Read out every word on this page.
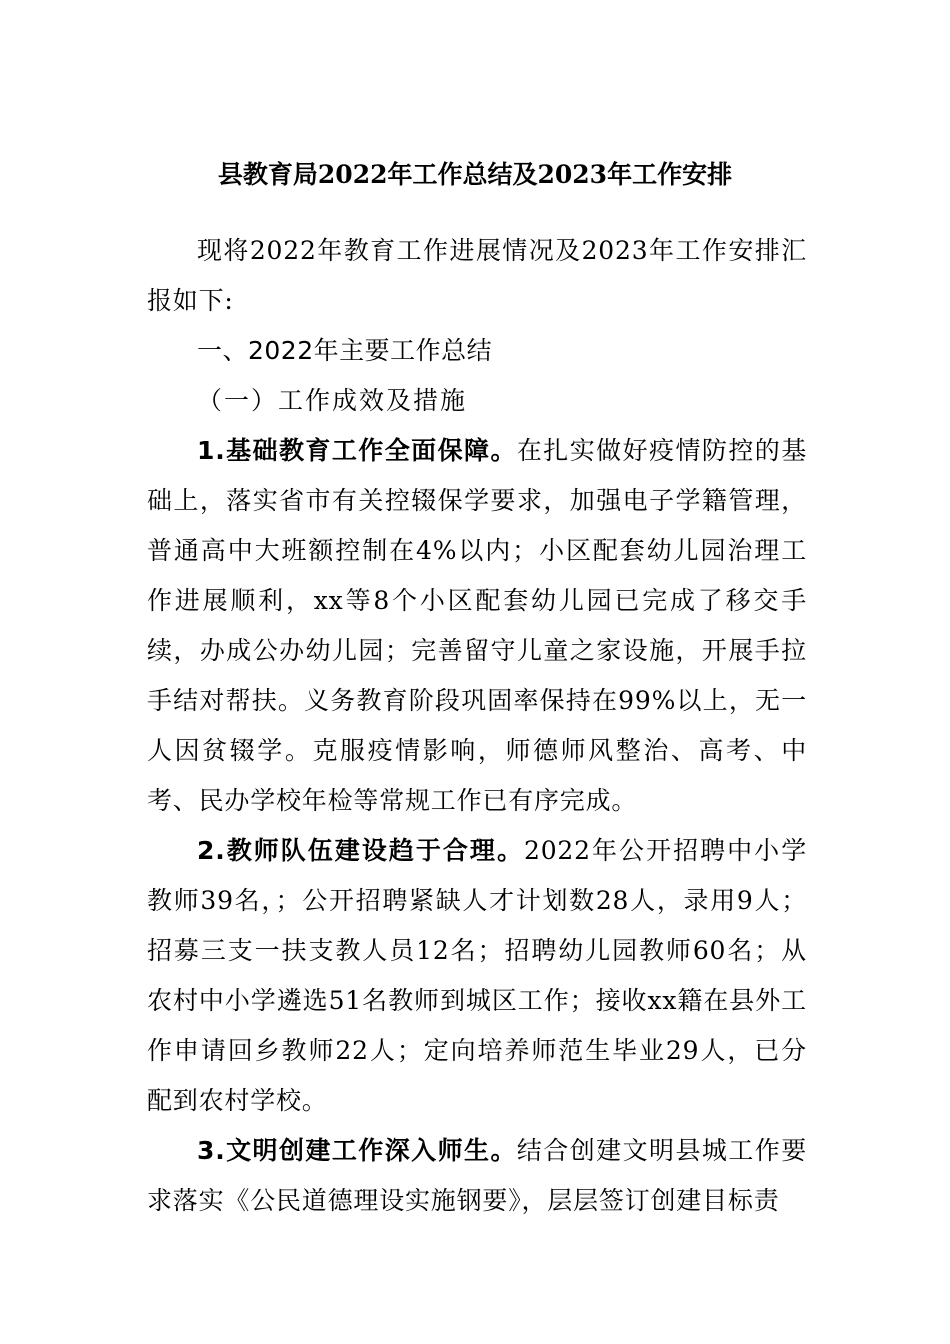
县教育局2022年工作总结及2023年工作安排

现将2022年教育工作进展情况及2023年工作安排汇报如下:

一、2022年主要工作总结

（一）工作成效及措施

1.基础教育工作全面保障。在扎实做好疫情防控的基础上，落实省市有关控辍保学要求，加强电子学籍管理，普通高中大班额控制在4%以内；小区配套幼儿园治理工作进展顺利，xx等8个小区配套幼儿园已完成了移交手续，办成公办幼儿园；完善留守儿童之家设施，开展手拉手结对帮扶。义务教育阶段巩固率保持在99%以上，无一人因贫辍学。克服疫情影响，师德师风整治、高考、中考、民办学校年检等常规工作已有序完成。

2.教师队伍建设趋于合理。2022年公开招聘中小学教师39名，；公开招聘紧缺人才计划数28人，录用9人；招募三支一扶支教人员12名；招聘幼儿园教师60名；从农村中小学遴选51名教师到城区工作；接收xx籍在县外工作申请回乡教师22人；定向培养师范生毕业29人，已分配到农村学校。

3.文明创建工作深入师生。结合创建文明县城工作要求落实《公民道德理设实施钢要》，层层签订创建目标责
